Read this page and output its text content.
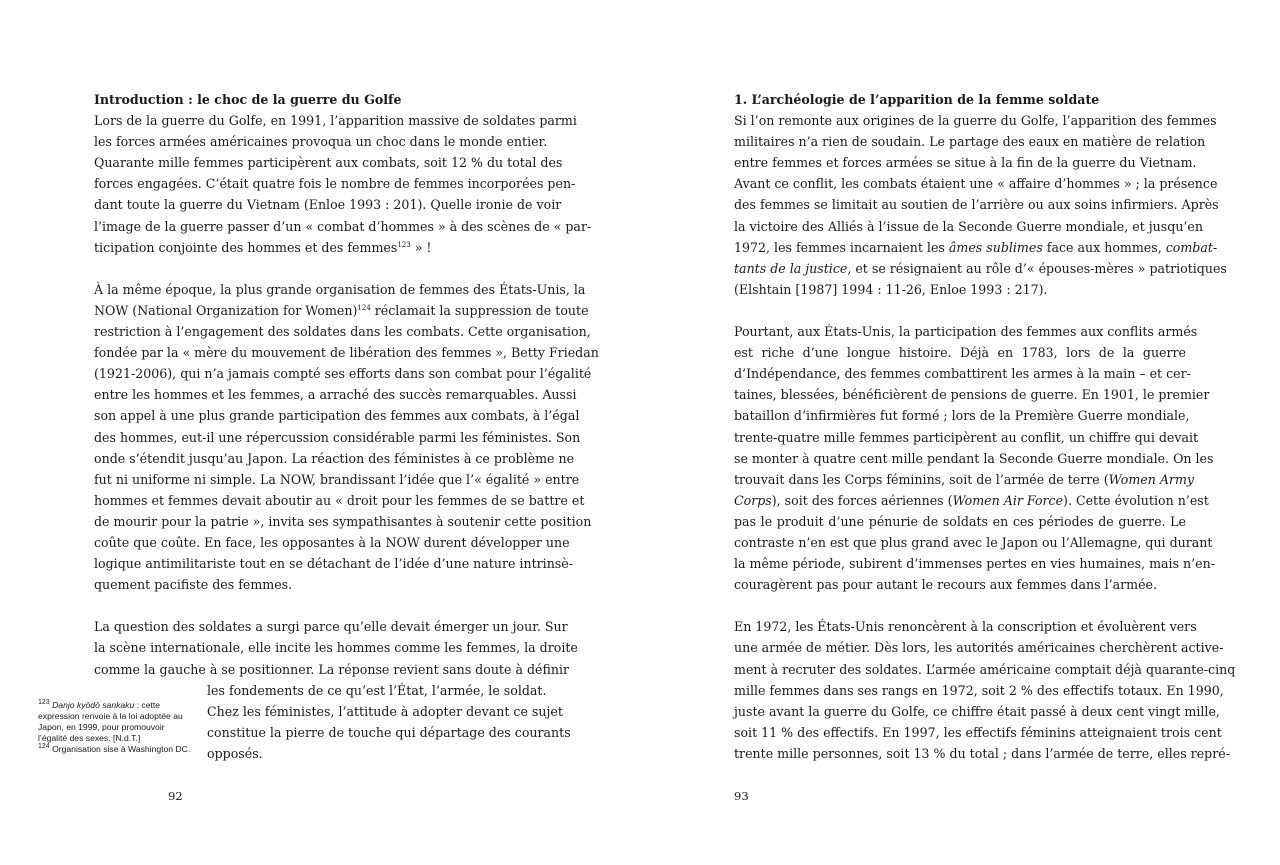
Introduction : le choc de la guerre du Golfe
Lors de la guerre du Golfe, en 1991, l’apparition massive de soldates parmi
les forces armées américaines provoqua un choc dans le monde entier.
Quarante mille femmes participèrent aux combats, soit 12 % du total des
forces engagées. C’était quatre fois le nombre de femmes incorporées pen-
dant toute la guerre du Vietnam (Enloe 1993 : 201). Quelle ironie de voir
l’image de la guerre passer d’un « combat d’hommes » à des scènes de « par-
ticipation conjointe des hommes et des femmes$^{123}$ » !
À la même époque, la plus grande organisation de femmes des États-Unis, la
NOW (National Organization for Women)$^{124}$ réclamait la suppression de toute
restriction à l’engagement des soldates dans les combats. Cette organisation,
fondée par la « mère du mouvement de libération des femmes », Betty Friedan
(1921-2006), qui n’a jamais compté ses efforts dans son combat pour l’égalité
entre les hommes et les femmes, a arraché des succès remarquables. Aussi
son appel à une plus grande participation des femmes aux combats, à l’égal
des hommes, eut-il une répercussion considérable parmi les féministes. Son
onde s’étendit jusqu’au Japon. La réaction des féministes à ce problème ne
fut ni uniforme ni simple. La NOW, brandissant l’idée que l’« égalité » entre
hommes et femmes devait aboutir au « droit pour les femmes de se battre et
de mourir pour la patrie », invita ses sympathisantes à soutenir cette position
coûte que coûte. En face, les opposantes à la NOW durent développer une
logique antimilitariste tout en se détachant de l’idée d’une nature intrinsè-
quement pacifiste des femmes.
La question des soldates a surgi parce qu’elle devait émerger un jour. Sur
la scène internationale, elle incite les hommes comme les femmes, la droite
comme la gauche à se positionner. La réponse revient sans doute à définir
les fondements de ce qu’est l’État, l’armée, le soldat.
Chez les féministes, l’attitude à adopter devant ce sujet
constitue la pierre de touche qui départage des courants
opposés.
$^{123}$ Danjo kyōdō sankaku : cette
expression renvoie à la loi adoptée au
Japon, en 1999, pour promouvoir
l’égalité des sexes. [N.d.T.]
$^{124}$ Organisation sise à Washington DC.
92
1. L’archéologie de l’apparition de la femme soldate
Si l’on remonte aux origines de la guerre du Golfe, l’apparition des femmes
militaires n’a rien de soudain. Le partage des eaux en matière de relation
entre femmes et forces armées se situe à la fin de la guerre du Vietnam.
Avant ce conflit, les combats étaient une « affaire d’hommes » ; la présence
des femmes se limitait au soutien de l’arrière ou aux soins infirmiers. Après
la victoire des Alliés à l’issue de la Seconde Guerre mondiale, et jusqu’en
1972, les femmes incarnaient les âmes sublimes face aux hommes, combat-
tants de la justice, et se résignaient au rôle d’« épouses-mères » patriotiques
(Elshtain [1987] 1994 : 11-26, Enloe 1993 : 217).
Pourtant, aux États-Unis, la participation des femmes aux conflits armés
est riche d’une longue histoire. Déjà en 1783, lors de la guerre
d’Indépendance, des femmes combattirent les armes à la main – et cer-
taines, blessées, bénéficièrent de pensions de guerre. En 1901, le premier
bataillon d’infirmières fut formé ; lors de la Première Guerre mondiale,
trente-quatre mille femmes participèrent au conflit, un chiffre qui devait
se monter à quatre cent mille pendant la Seconde Guerre mondiale. On les
trouvait dans les Corps féminins, soit de l’armée de terre (Women Army
Corps), soit des forces aériennes (Women Air Force). Cette évolution n’est
pas le produit d’une pénurie de soldats en ces périodes de guerre. Le
contraste n’en est que plus grand avec le Japon ou l’Allemagne, qui durant
la même période, subirent d’immenses pertes en vies humaines, mais n’en-
couragèrent pas pour autant le recours aux femmes dans l’armée.
En 1972, les États-Unis renoncèrent à la conscription et évoluèrent vers
une armée de métier. Dès lors, les autorités américaines cherchèrent active-
ment à recruter des soldates. L’armée américaine comptait déjà quarante-cinq
mille femmes dans ses rangs en 1972, soit 2 % des effectifs totaux. En 1990,
juste avant la guerre du Golfe, ce chiffre était passé à deux cent vingt mille,
soit 11 % des effectifs. En 1997, les effectifs féminins atteignaient trois cent
trente mille personnes, soit 13 % du total ; dans l’armée de terre, elles repré-
93
